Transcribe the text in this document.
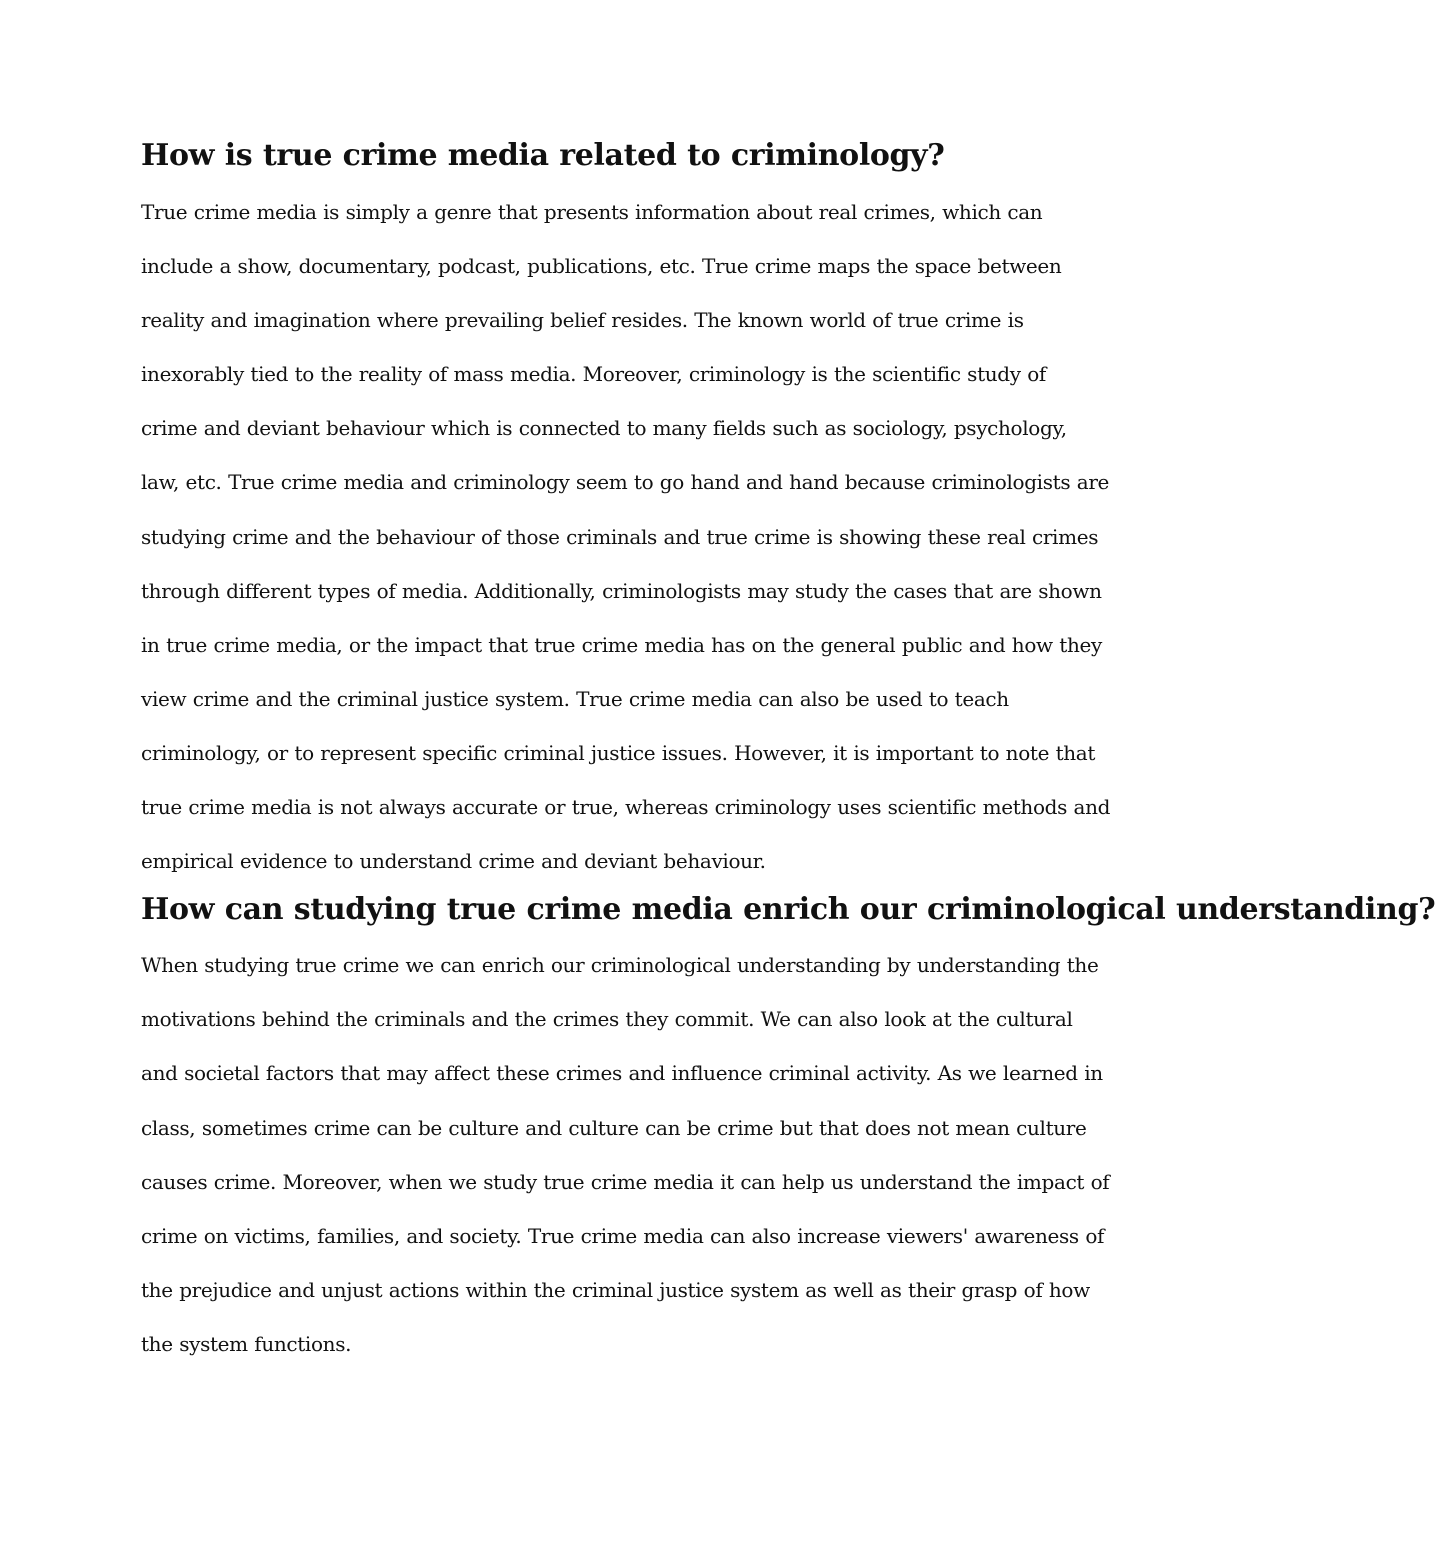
How is true crime media related to criminology?
True crime media is simply a genre that presents information about real crimes, which can
include a show, documentary, podcast, publications, etc. True crime maps the space between
reality and imagination where prevailing belief resides. The known world of true crime is
inexorably tied to the reality of mass media. Moreover, criminology is the scientific study of
crime and deviant behaviour which is connected to many fields such as sociology, psychology,
law, etc. True crime media and criminology seem to go hand and hand because criminologists are
studying crime and the behaviour of those criminals and true crime is showing these real crimes
through different types of media. Additionally, criminologists may study the cases that are shown
in true crime media, or the impact that true crime media has on the general public and how they
view crime and the criminal justice system. True crime media can also be used to teach
criminology, or to represent specific criminal justice issues. However, it is important to note that
true crime media is not always accurate or true, whereas criminology uses scientific methods and
empirical evidence to understand crime and deviant behaviour.
How can studying true crime media enrich our criminological understanding?
When studying true crime we can enrich our criminological understanding by understanding the
motivations behind the criminals and the crimes they commit. We can also look at the cultural
and societal factors that may affect these crimes and influence criminal activity. As we learned in
class, sometimes crime can be culture and culture can be crime but that does not mean culture
causes crime. Moreover, when we study true crime media it can help us understand the impact of
crime on victims, families, and society. True crime media can also increase viewers' awareness of
the prejudice and unjust actions within the criminal justice system as well as their grasp of how
the system functions.
